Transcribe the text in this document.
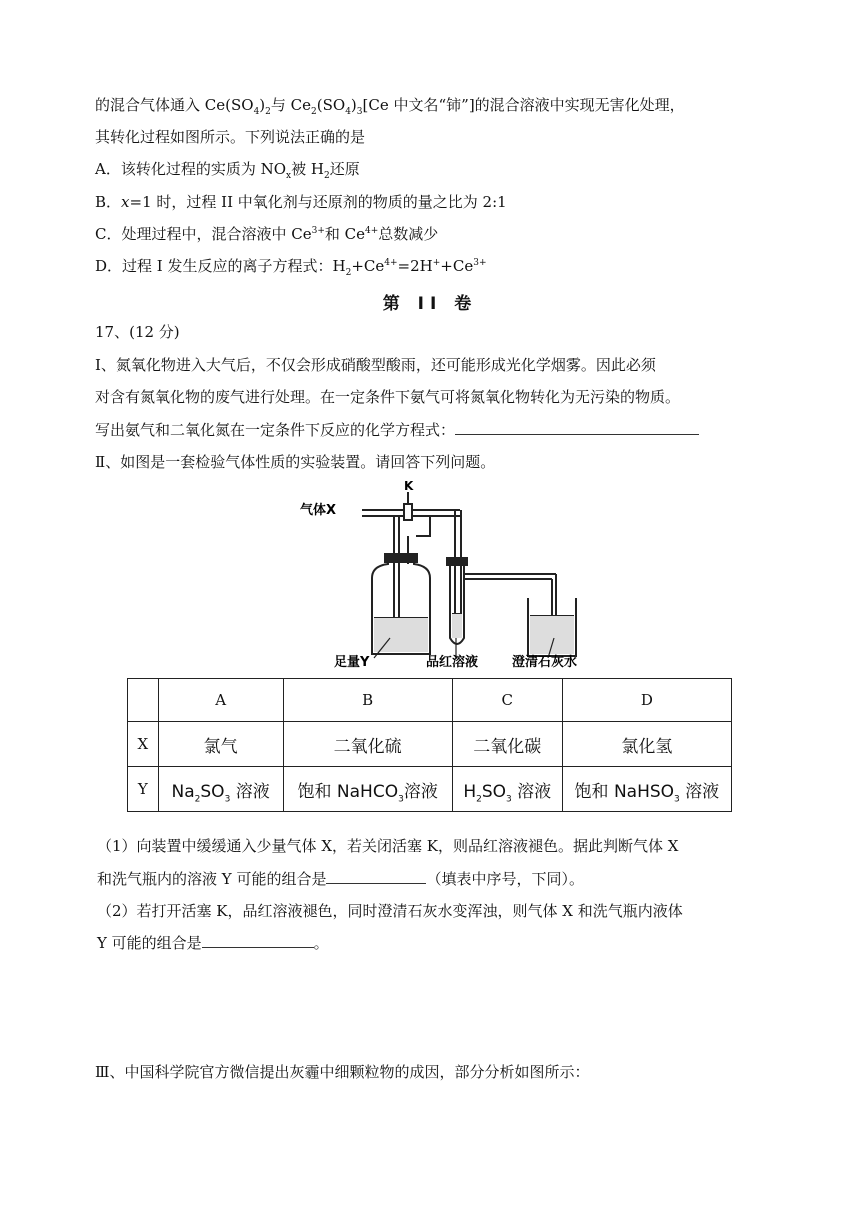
的混合气体通入 $Ce(SO_4)_2$与 $Ce_2(SO_4)_3[Ce$ 中文名“铈”]的混合溶液中实现无害化处理，
其转化过程如图所示。下列说法正确的是
A．该转化过程的实质为 $NO_x$被 $H_2$还原
B．x=1 时，过程 II 中氧化剂与还原剂的物质的量之比为 2:1
C．处理过程中，混合溶液中 $Ce^{3+}$和 $Ce^{4+}$总数减少
D．过程 I 发生反应的离子方程式：$H_2+Ce^{4+}=2H^++Ce^{3+}$
第 II 卷
17、(12 分)
Ⅰ、氮氧化物进入大气后，不仅会形成硝酸型酸雨，还可能形成光化学烟雾。因此必须
对含有氮氧化物的废气进行处理。在一定条件下氨气可将氮氧化物转化为无污染的物质。
写出氨气和二氧化氮在一定条件下反应的化学方程式：
Ⅱ、如图是一套检验气体性质的实验装置。请回答下列问题。
气体X
K
足量Y	品红溶液	澄清石灰水
	A	B	C	D
X	氯气	二氧化硫	二氧化碳	氯化氢
Y	$Na_2SO_3$ 溶液	饱和 NaHCO$_3$溶液	$H_2SO_3$ 溶液	饱和 NaHSO$_3$ 溶液
（1）向装置中缓缓通入少量气体 X，若关闭活塞 K，则品红溶液褪色。据此判断气体 X
和洗气瓶内的溶液 Y 可能的组合是	（填表中序号，下同）。
（2）若打开活塞 K，品红溶液褪色，同时澄清石灰水变浑浊，则气体 X 和洗气瓶内液体
Y 可能的组合是	。
Ⅲ、中国科学院官方微信提出灰霾中细颗粒物的成因，部分分析如图所示：
